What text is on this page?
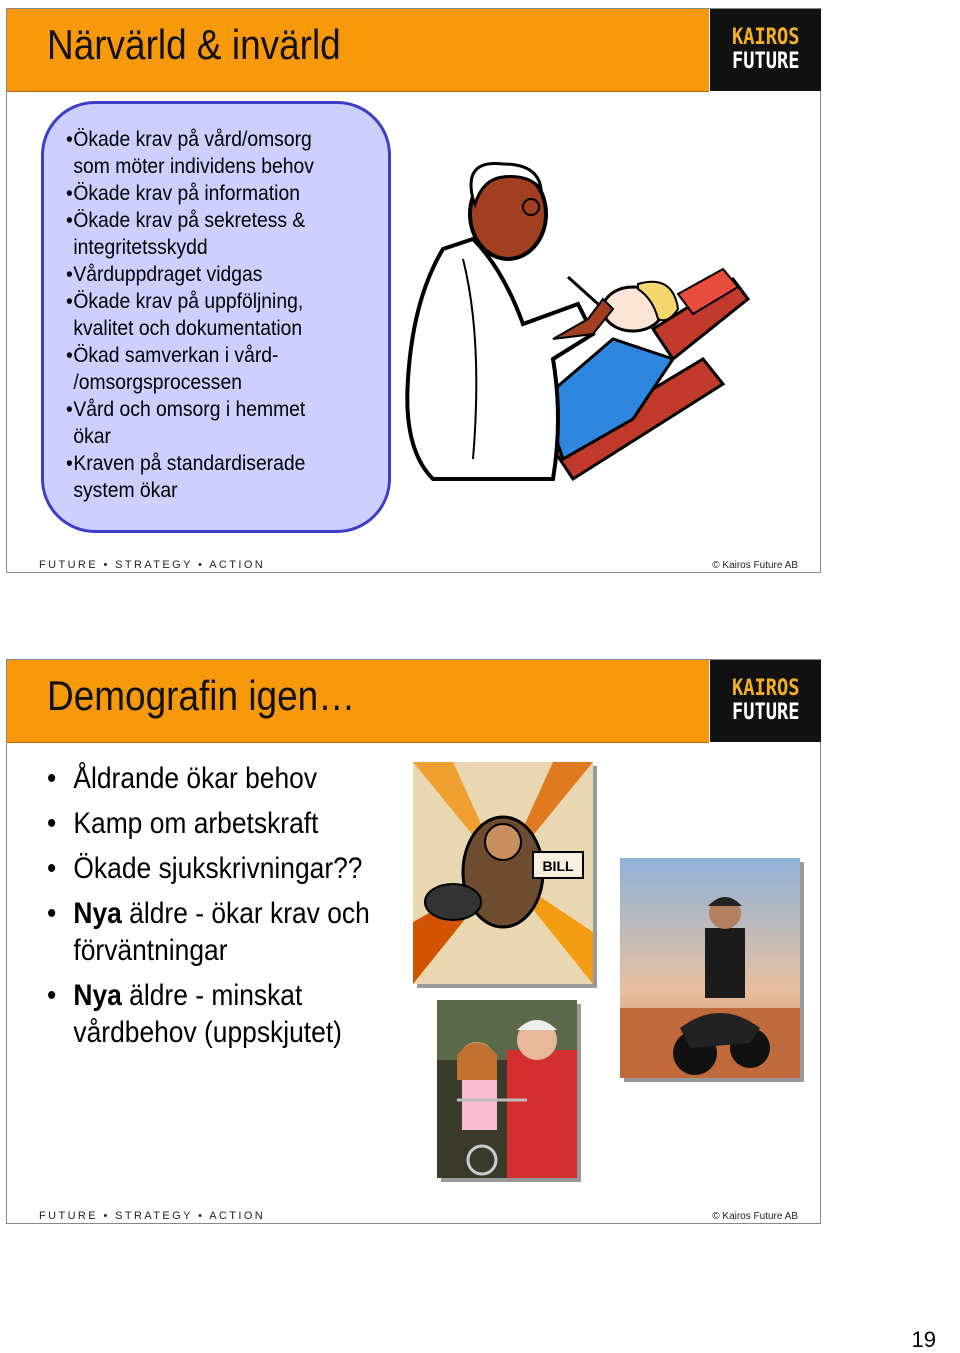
Närvärld & invärld	KAIROS
FUTURE
• Ökade krav på vård/omsorg
som möter individens behov
• Ökade krav på information
• Ökade krav på sekretess &
integritetsskydd
• Vårduppdraget vidgas
• Ökade krav på uppföljning,
kvalitet och dokumentation
• Ökad samverkan i vård-
/omsorgsprocessen
• Vård och omsorg i hemmet
ökar
• Kraven på standardiserade
system ökar
FUTURE • STRATEGY • ACTION	© Kairos Future AB
Demografin igen…	KAIROS
FUTURE
• Åldrande ökar behov
• Kamp om arbetskraft
• Ökade sjukskrivningar??
• Nya äldre - ökar krav och
förväntningar
• Nya äldre - minskat
vårdbehov (uppskjutet)
BILL
FUTURE • STRATEGY • ACTION	© Kairos Future AB
19
